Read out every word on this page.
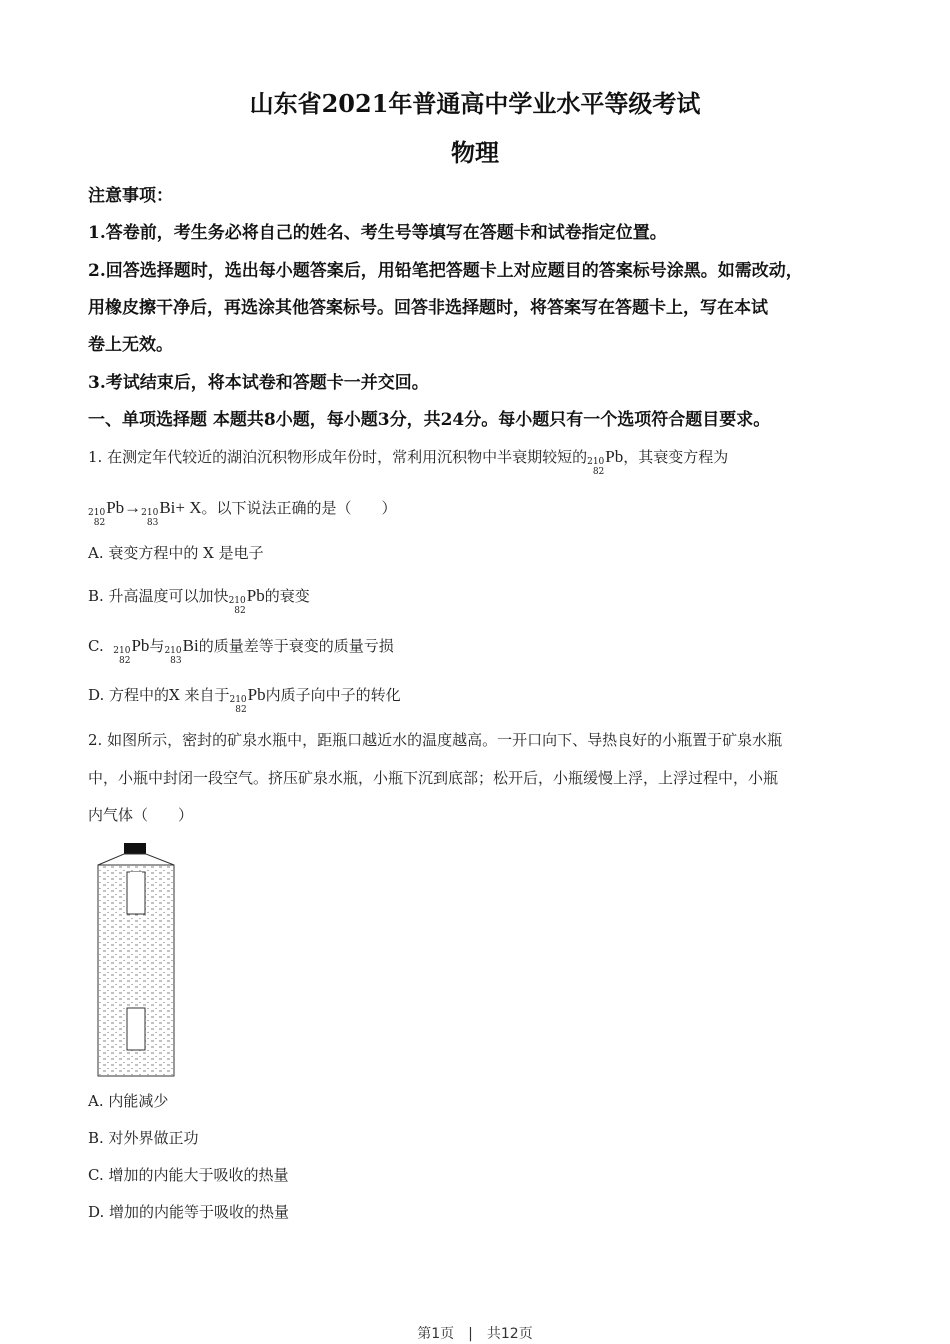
山东省2021年普通高中学业水平等级考试
物理
注意事项：
1.答卷前，考生务必将自己的姓名、考生号等填写在答题卡和试卷指定位置。
2.回答选择题时，选出每小题答案后，用铅笔把答题卡上对应题目的答案标号涂黑。如需改动，
用橡皮擦干净后，再选涂其他答案标号。回答非选择题时，将答案写在答题卡上，写在本试
卷上无效。
3.考试结束后，将本试卷和答题卡一并交回。
一、单项选择题 本题共8小题，每小题3分，共24分。每小题只有一个选项符合题目要求。
1. 在测定年代较近的湖泊沉积物形成年份时，常利用沉积物中半衰期较短的 210
82
Pb，其衰变方程为
210
82
Pb→ 210
83
Bi+ X。以下说法正确的是（　　）
A. 衰变方程中的 X 是电子
B. 升高温度可以加快 210
82
Pb的衰变
C. 210
82
Pb与 210
83
Bi的质量差等于衰变的质量亏损
D. 方程中的X 来自于 210
82
Pb内质子向中子的转化
2. 如图所示，密封的矿泉水瓶中，距瓶口越近水的温度越高。一开口向下、导热良好的小瓶置于矿泉水瓶
中，小瓶中封闭一段空气。挤压矿泉水瓶，小瓶下沉到底部；松开后，小瓶缓慢上浮，上浮过程中，小瓶
内气体（　　）
A. 内能减少
B. 对外界做正功
C. 增加的内能大于吸收的热量
D. 增加的内能等于吸收的热量
第1页　|　共12页
